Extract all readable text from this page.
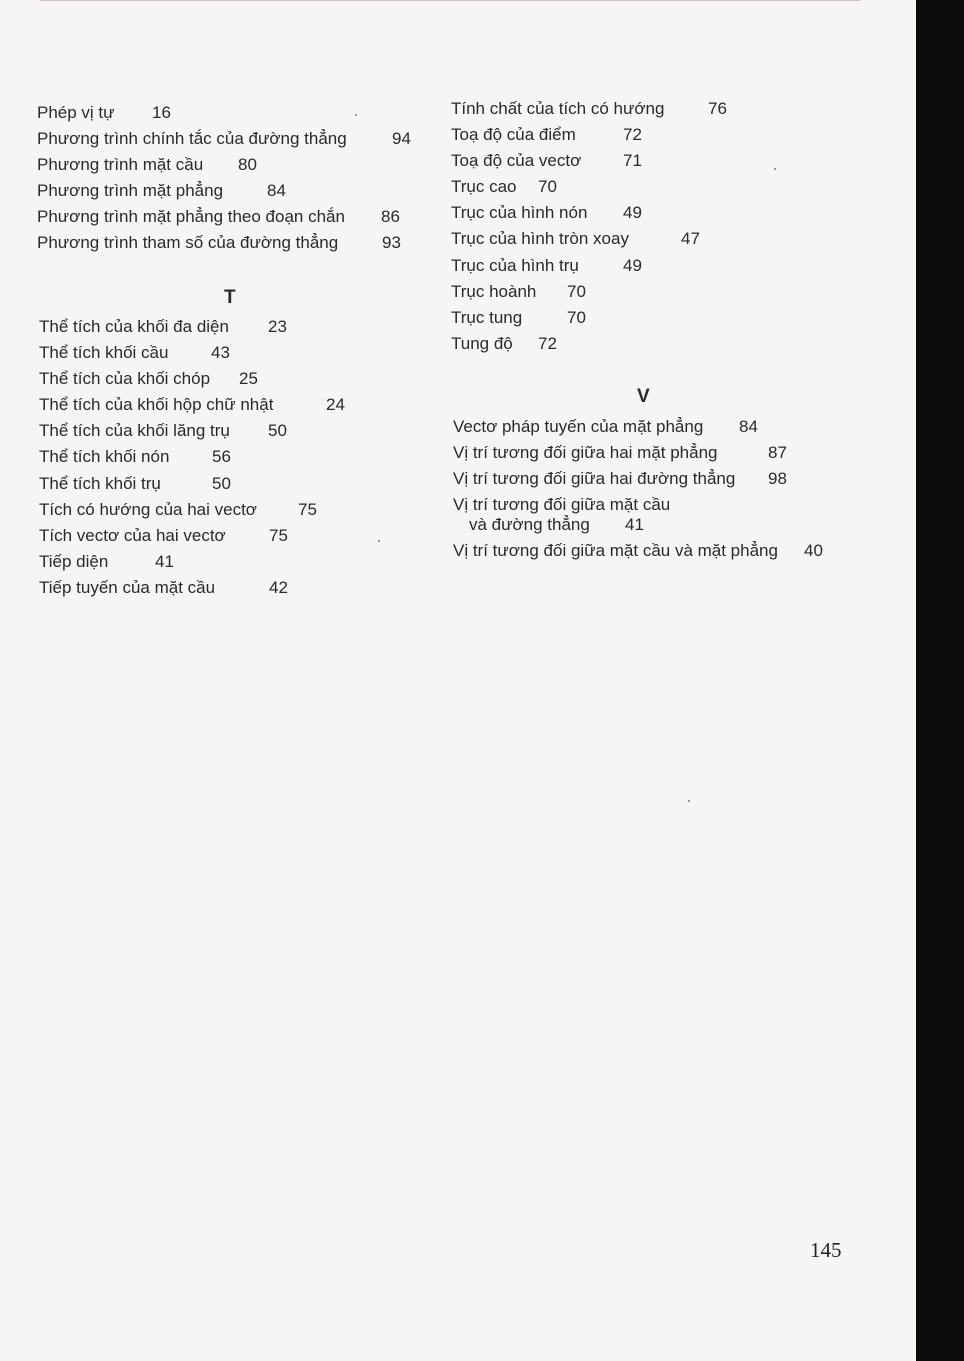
Phép vị tự 16
Phương trình chính tắc của đường thẳng	94
Phương trình mặt cầu 80
Phương trình mặt phẳng	84
Phương trình mặt phẳng theo đoạn chắn 86
Phương trình tham số của đường thẳng	93
T
Thể tích của khối đa diện 23
Thể tích khối cầu	43
Thể tích của khối chóp 25
Thể tích của khối hộp chữ nhật	24
Thể tích của khối lăng trụ 50
Thể tích khối nón	56
Thể tích khối trụ	50
Tích có hướng của hai vectơ 75
Tích vectơ của hai vectơ	75
Tiếp diện	41
Tiếp tuyến của mặt cầu	42
Tính chất của tích có hướng	76
Toạ độ của điểm	72
Toạ độ của vectơ 71
Trục cao 70
Trục của hình nón 49
Trục của hình tròn xoay	47
Trục của hình trụ	49
Trục hoành 70
Trục tung	70
Tung độ 72
V
Vectơ pháp tuyến của mặt phẳng 84
Vị trí tương đối giữa hai mặt phẳng	87
Vị trí tương đối giữa hai đường thẳng 98
Vị trí tương đối giữa mặt cầu
và đường thẳng 41
Vị trí tương đối giữa mặt cầu và mặt phẳng 40
145
